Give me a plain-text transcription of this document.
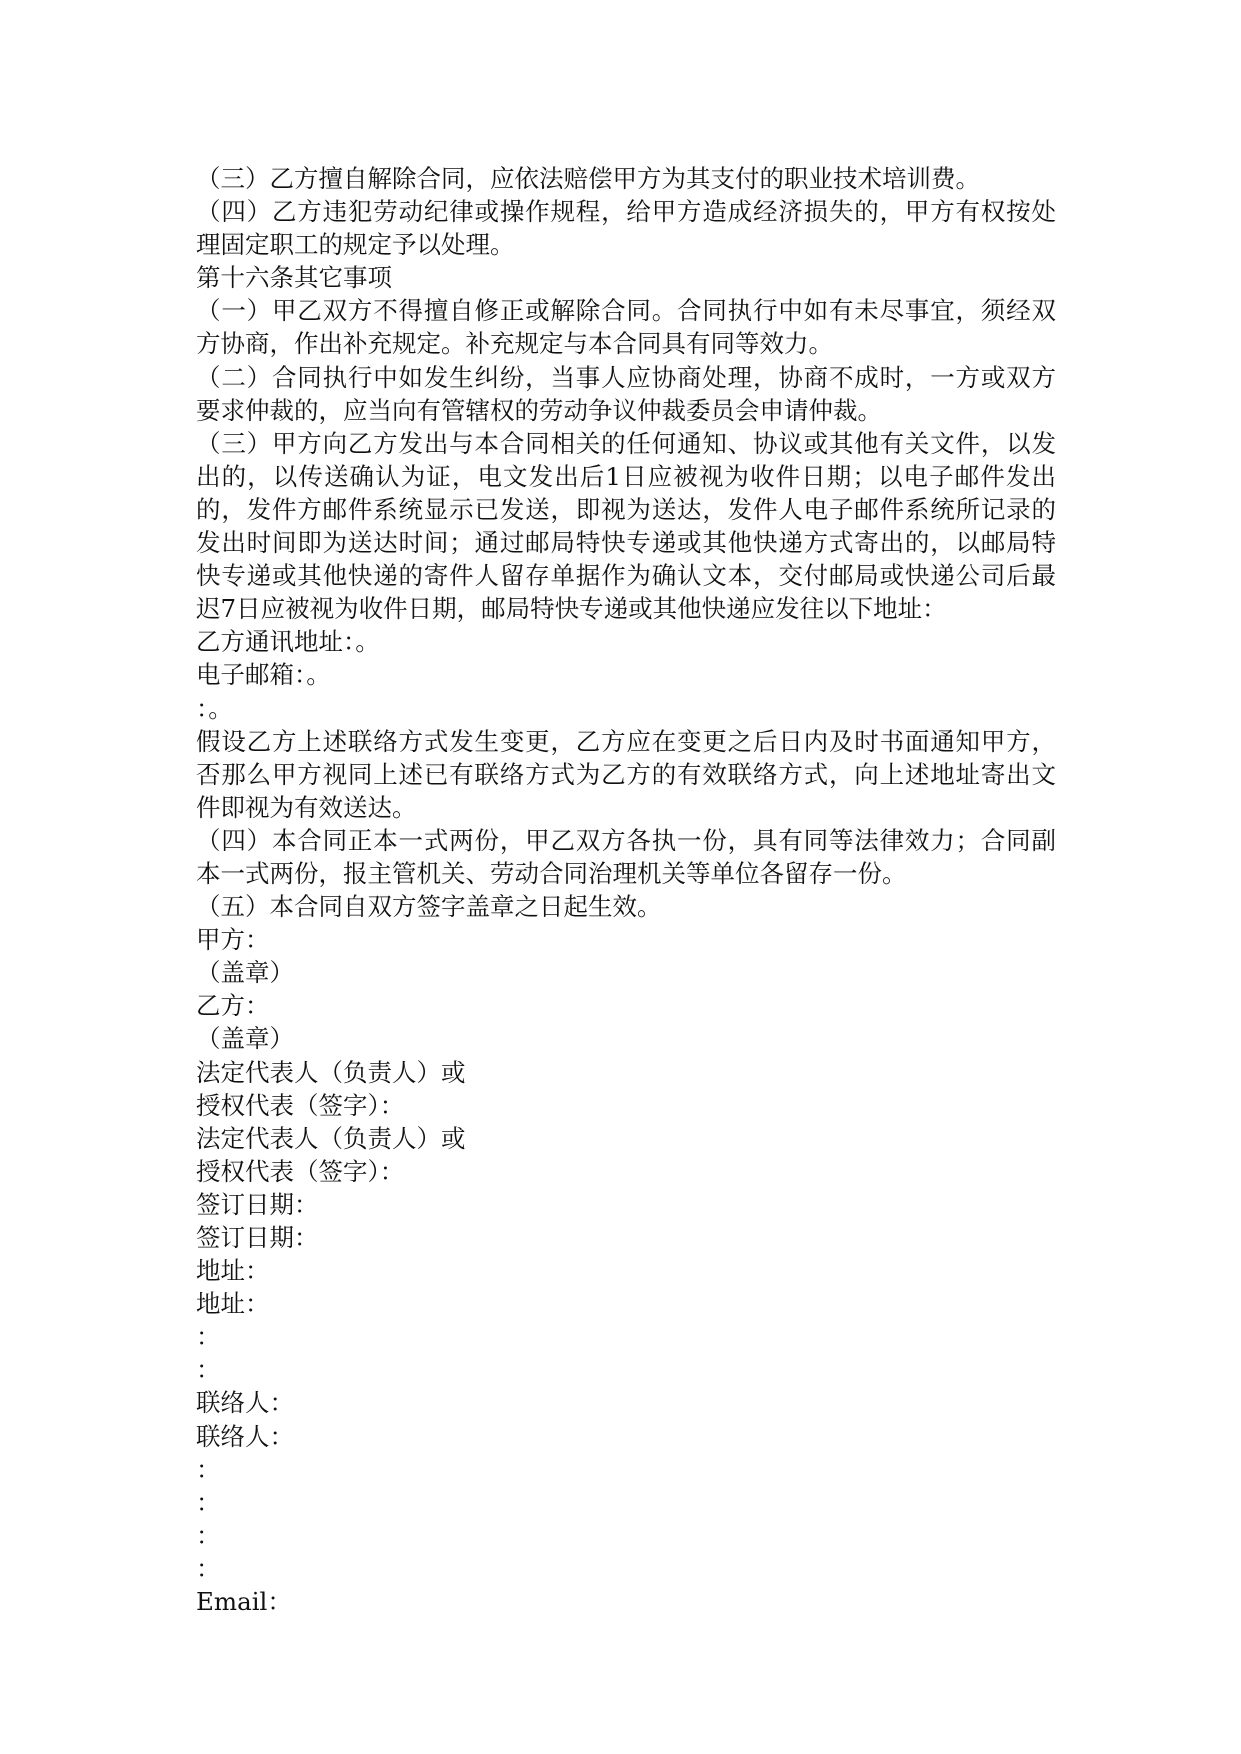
（三）乙方擅自解除合同，应依法赔偿甲方为其支付的职业技术培训费。
（四）乙方违犯劳动纪律或操作规程，给甲方造成经济损失的，甲方有权按处
理固定职工的规定予以处理。
第十六条其它事项
（一）甲乙双方不得擅自修正或解除合同。合同执行中如有未尽事宜，须经双
方协商，作出补充规定。补充规定与本合同具有同等效力。
（二）合同执行中如发生纠纷，当事人应协商处理，协商不成时，一方或双方
要求仲裁的，应当向有管辖权的劳动争议仲裁委员会申请仲裁。
（三）甲方向乙方发出与本合同相关的任何通知、协议或其他有关文件，以发
出的，以传送确认为证，电文发出后1日应被视为收件日期；以电子邮件发出
的，发件方邮件系统显示已发送，即视为送达，发件人电子邮件系统所记录的
发出时间即为送达时间；通过邮局特快专递或其他快递方式寄出的，以邮局特
快专递或其他快递的寄件人留存单据作为确认文本，交付邮局或快递公司后最
迟7日应被视为收件日期，邮局特快专递或其他快递应发往以下地址：
乙方通讯地址：。
电子邮箱：。
：。
假设乙方上述联络方式发生变更，乙方应在变更之后日内及时书面通知甲方，
否那么甲方视同上述已有联络方式为乙方的有效联络方式，向上述地址寄出文
件即视为有效送达。
（四）本合同正本一式两份，甲乙双方各执一份，具有同等法律效力；合同副
本一式两份，报主管机关、劳动合同治理机关等单位各留存一份。
（五）本合同自双方签字盖章之日起生效。
甲方：
（盖章）
乙方：
（盖章）
法定代表人（负责人）或
授权代表（签字）：
法定代表人（负责人）或
授权代表（签字）：
签订日期：
签订日期：
地址：
地址：
：
：
联络人：
联络人：
：
：
：
：
Email：
